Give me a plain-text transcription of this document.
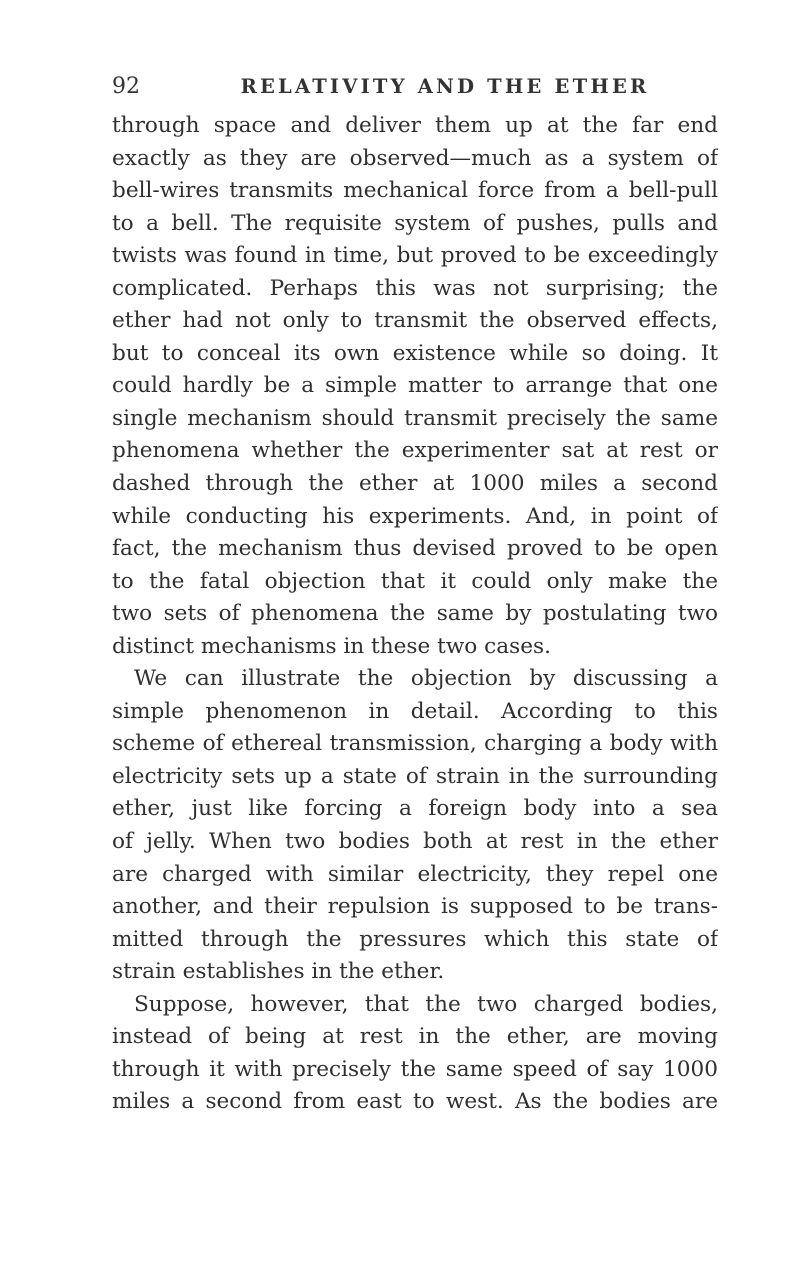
92	RELATIVITY AND THE ETHER
through space and deliver them up at the far end
exactly as they are observed—much as a system of
bell-wires transmits mechanical force from a bell-pull
to a bell. The requisite system of pushes, pulls and
twists was found in time, but proved to be exceedingly
complicated. Perhaps this was not surprising; the
ether had not only to transmit the observed effects,
but to conceal its own existence while so doing. It
could hardly be a simple matter to arrange that one
single mechanism should transmit precisely the same
phenomena whether the experimenter sat at rest or
dashed through the ether at 1000 miles a second
while conducting his experiments. And, in point of
fact, the mechanism thus devised proved to be open
to the fatal objection that it could only make the
two sets of phenomena the same by postulating two
distinct mechanisms in these two cases.
We can illustrate the objection by discussing a
simple phenomenon in detail. According to this
scheme of ethereal transmission, charging a body with
electricity sets up a state of strain in the surrounding
ether, just like forcing a foreign body into a sea
of jelly. When two bodies both at rest in the ether
are charged with similar electricity, they repel one
another, and their repulsion is supposed to be trans-
mitted through the pressures which this state of
strain establishes in the ether.
Suppose, however, that the two charged bodies,
instead of being at rest in the ether, are moving
through it with precisely the same speed of say 1000
miles a second from east to west. As the bodies are
